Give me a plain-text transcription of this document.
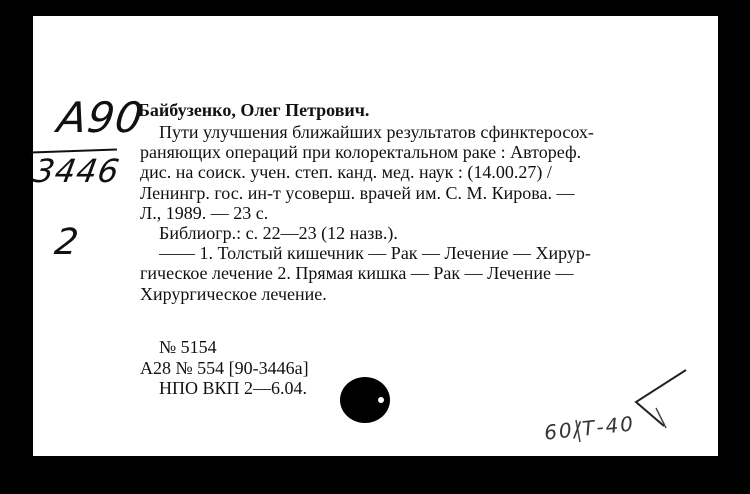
A90
3446
2
Байбузенко, Олег Петрович.
Пути улучшения ближайших результатов сфинктеросох-
раняющих операций при колоректальном раке : Автореф.
дис. на соиск. учен. степ. канд. мед. наук : (14.00.27) /
Ленингр. гос. ин-т усоверш. врачей им. С. М. Кирова. —
Л., 1989. — 23 с.
Библиогр.: с. 22—23 (12 назв.).
—— 1. Толстый кишечник — Рак — Лечение — Хирур-
гическое лечение 2. Прямая кишка — Рак — Лечение —
Хирургическое лечение.
№ 5154
А28 № 554 [90-3446а]
НПО ВКП 2—6.04.
60/Т-40
